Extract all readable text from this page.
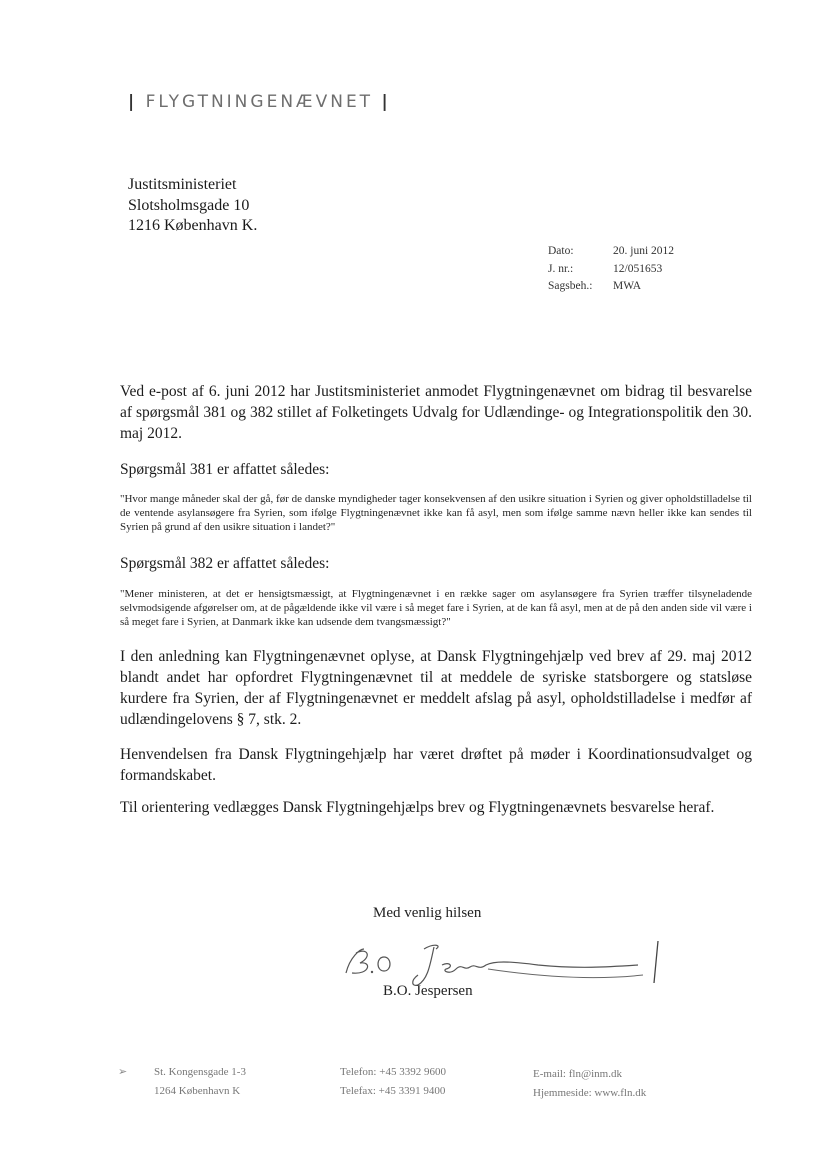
| FLYGTNINGENÆVNET |
Justitsministeriet
Slotsholmsgade 10
1216 København K.
Dato:	20. juni 2012
J. nr.:	12/051653
Sagsbeh.:	MWA
Ved e-post af 6. juni 2012 har Justitsministeriet anmodet Flygtningenævnet om bidrag til besvarelse af spørgsmål 381 og 382 stillet af Folketingets Udvalg for Udlændinge- og Integrationspolitik den 30. maj 2012.
Spørgsmål 381 er affattet således:
"Hvor mange måneder skal der gå, før de danske myndigheder tager konsekvensen af den usikre situation i Syrien og giver opholdstilladelse til de ventende asylansøgere fra Syrien, som ifølge Flygtningenævnet ikke kan få asyl, men som ifølge samme nævn heller ikke kan sendes til Syrien på grund af den usikre situation i landet?"
Spørgsmål 382 er affattet således:
"Mener ministeren, at det er hensigtsmæssigt, at Flygtningenævnet i en række sager om asylansøgere fra Syrien træffer tilsyneladende selvmodsigende afgørelser om, at de pågældende ikke vil være i så meget fare i Syrien, at de kan få asyl, men at de på den anden side vil være i så meget fare i Syrien, at Danmark ikke kan udsende dem tvangsmæssigt?"
I den anledning kan Flygtningenævnet oplyse, at Dansk Flygtningehjælp ved brev af 29. maj 2012 blandt andet har opfordret Flygtningenævnet til at meddele de syriske statsborgere og statsløse kurdere fra Syrien, der af Flygtningenævnet er meddelt afslag på asyl, opholdstilladelse i medfør af udlændingelovens § 7, stk. 2.
Henvendelsen fra Dansk Flygtningehjælp har været drøftet på møder i Koordinationsudvalget og formandskabet.
Til orientering vedlægges Dansk Flygtningehjælps brev og Flygtningenævnets besvarelse heraf.
Med venlig hilsen
B.O. Jespersen
B.O. Jespersen
➢ St. Kongensgade 1-3
1264 København K
Telefon: +45 3392 9600
Telefax: +45 3391 9400
E-mail: fln@inm.dk
Hjemmeside: www.fln.dk
